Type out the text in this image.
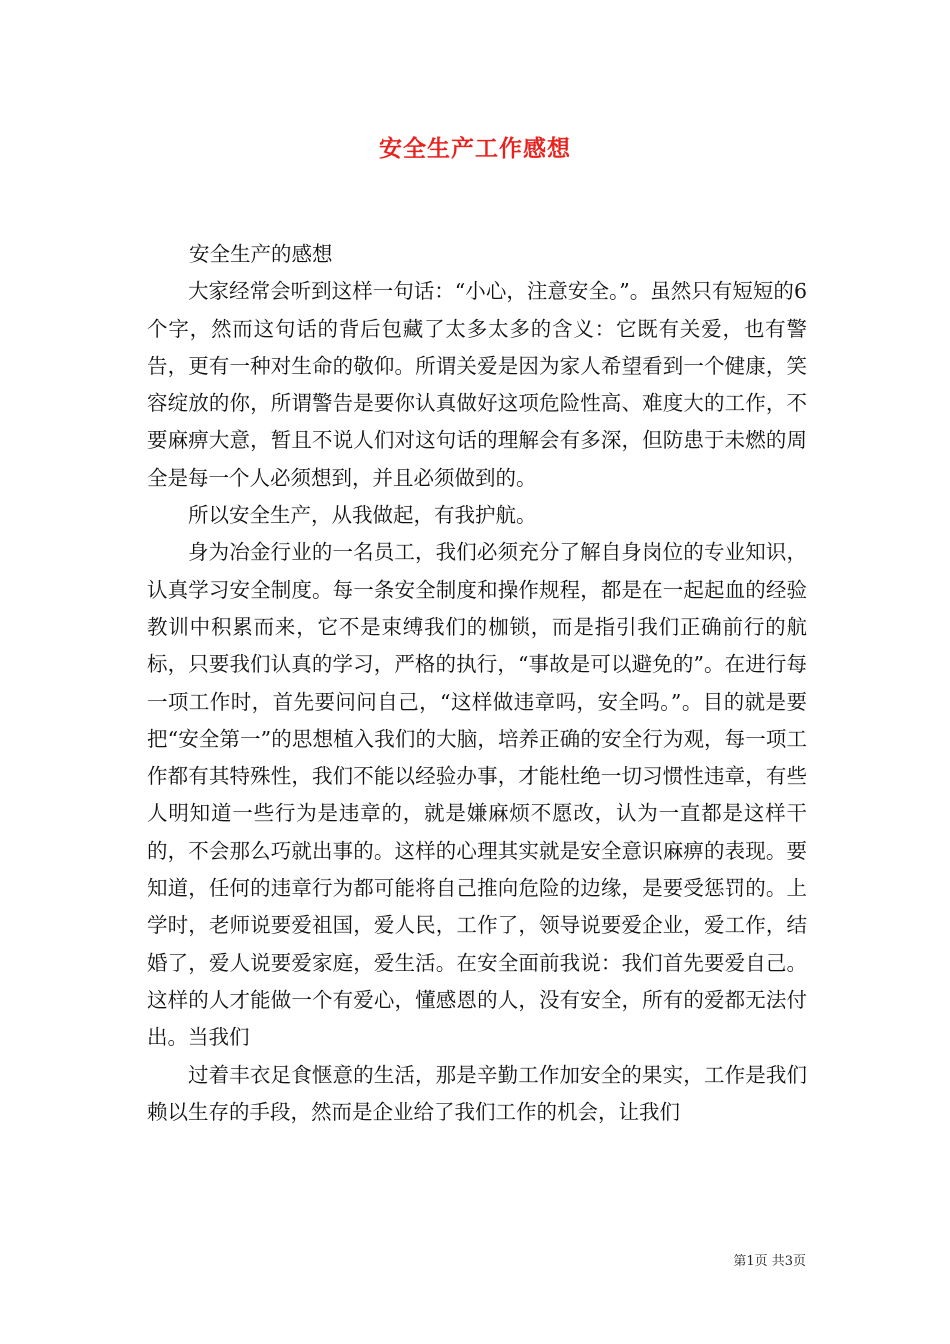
安全生产工作感想

安全生产的感想

大家经常会听到这样一句话：“小心，注意安全。”。虽然只有短短的6个字，然而这句话的背后包藏了太多太多的含义：它既有关爱，也有警告，更有一种对生命的敬仰。所谓关爱是因为家人希望看到一个健康，笑容绽放的你，所谓警告是要你认真做好这项危险性高、难度大的工作，不要麻痹大意，暂且不说人们对这句话的理解会有多深，但防患于未燃的周全是每一个人必须想到，并且必须做到的。

所以安全生产，从我做起，有我护航。

身为冶金行业的一名员工，我们必须充分了解自身岗位的专业知识，认真学习安全制度。每一条安全制度和操作规程，都是在一起起血的经验教训中积累而来，它不是束缚我们的枷锁，而是指引我们正确前行的航标，只要我们认真的学习，严格的执行，“事故是可以避免的”。在进行每一项工作时，首先要问问自己，“这样做违章吗，安全吗。”。目的就是要把“安全第一”的思想植入我们的大脑，培养正确的安全行为观，每一项工作都有其特殊性，我们不能以经验办事，才能杜绝一切习惯性违章，有些人明知道一些行为是违章的，就是嫌麻烦不愿改，认为一直都是这样干的，不会那么巧就出事的。这样的心理其实就是安全意识麻痹的表现。要知道，任何的违章行为都可能将自己推向危险的边缘，是要受惩罚的。上学时，老师说要爱祖国，爱人民，工作了，领导说要爱企业，爱工作，结婚了，爱人说要爱家庭，爱生活。在安全面前我说：我们首先要爱自己。这样的人才能做一个有爱心，懂感恩的人，没有安全，所有的爱都无法付出。当我们

过着丰衣足食惬意的生活，那是辛勤工作加安全的果实，工作是我们赖以生存的手段，然而是企业给了我们工作的机会，让我们

第1页 共3页
